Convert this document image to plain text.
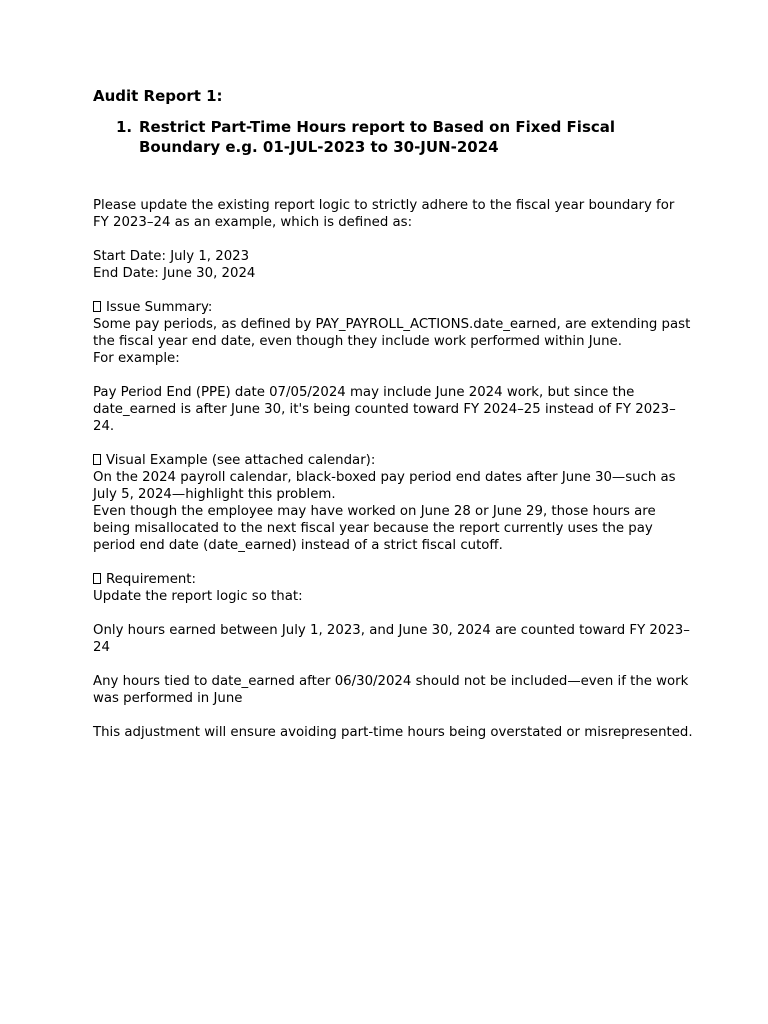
Audit Report 1:

1. Restrict Part-Time Hours report to Based on Fixed Fiscal Boundary e.g. 01-JUL-2023 to 30-JUN-2024

Please update the existing report logic to strictly adhere to the fiscal year boundary for FY 2023–24 as an example, which is defined as:

Start Date: July 1, 2023

End Date: June 30, 2024

Issue Summary:

Some pay periods, as defined by PAY_PAYROLL_ACTIONS.date_earned, are extending past the fiscal year end date, even though they include work performed within June.

For example:

Pay Period End (PPE) date 07/05/2024 may include June 2024 work, but since the date_earned is after June 30, it's being counted toward FY 2024–25 instead of FY 2023–24.

Visual Example (see attached calendar):

On the 2024 payroll calendar, black-boxed pay period end dates after June 30—such as July 5, 2024—highlight this problem.

Even though the employee may have worked on June 28 or June 29, those hours are being misallocated to the next fiscal year because the report currently uses the pay period end date (date_earned) instead of a strict fiscal cutoff.

Requirement:

Update the report logic so that:

Only hours earned between July 1, 2023, and June 30, 2024 are counted toward FY 2023–24

Any hours tied to date_earned after 06/30/2024 should not be included—even if the work was performed in June

This adjustment will ensure avoiding part-time hours being overstated or misrepresented.
